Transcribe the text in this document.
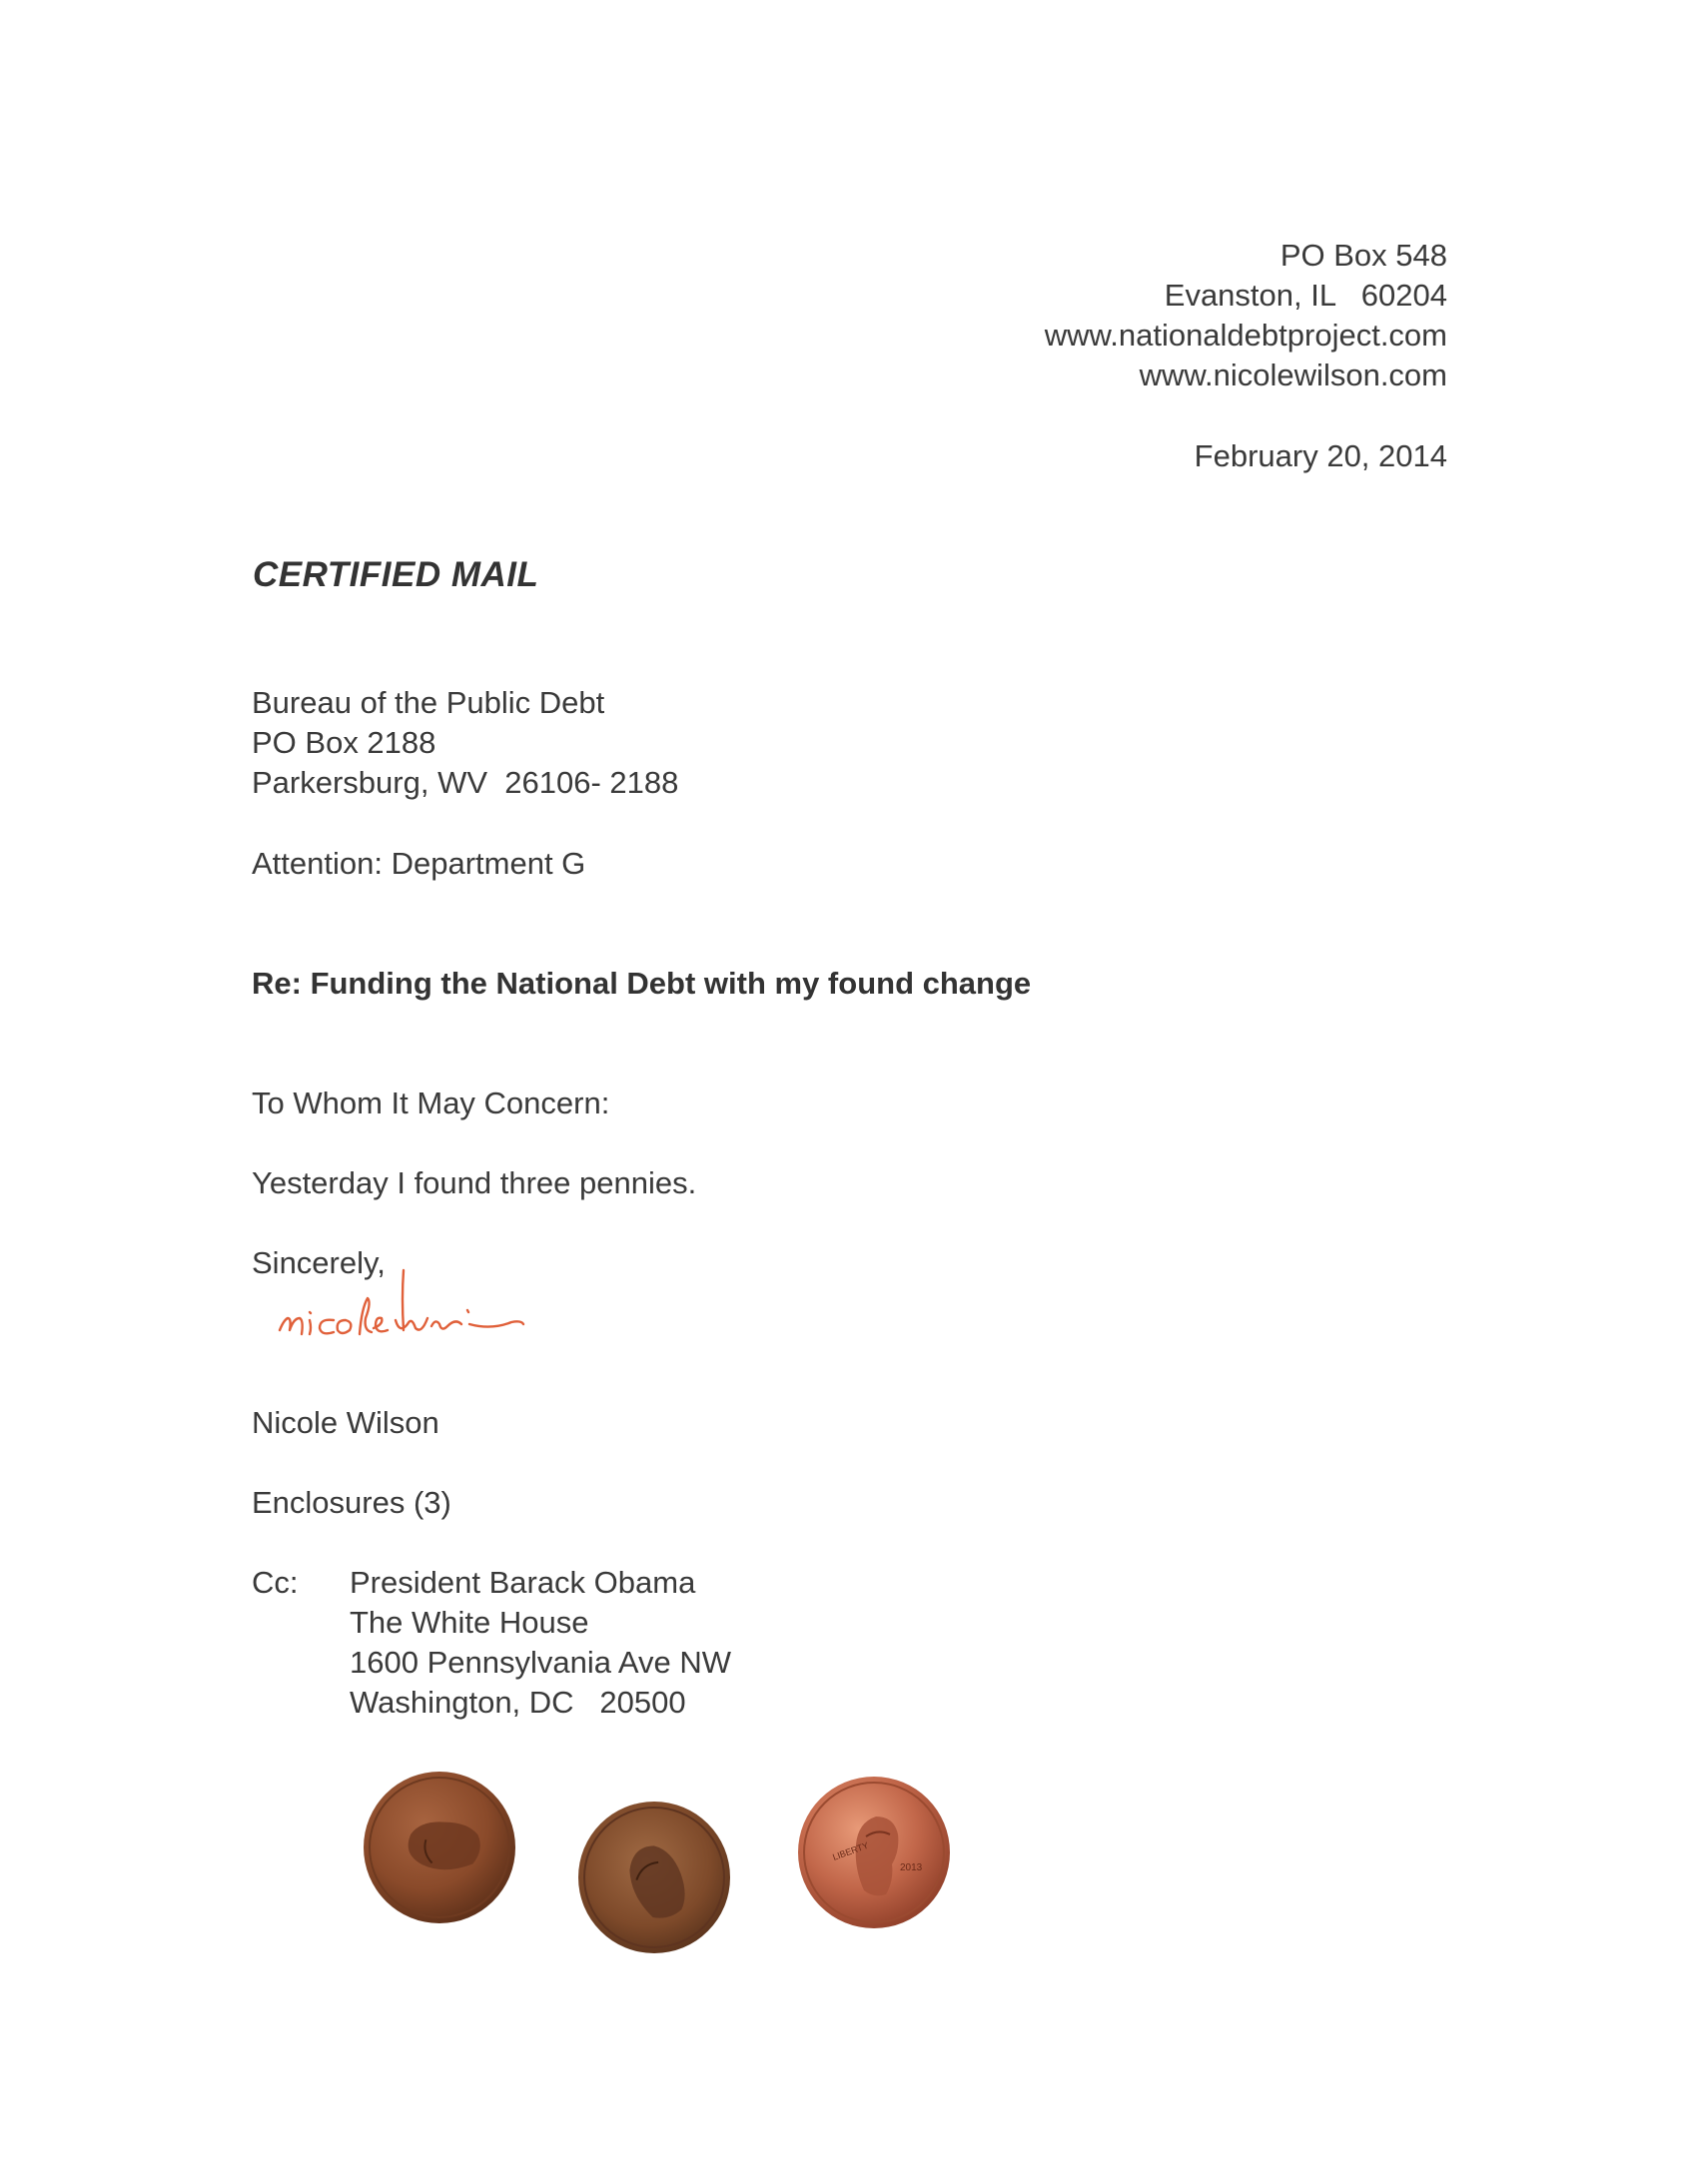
PO Box 548
Evanston, IL   60204
www.nationaldebtproject.com
www.nicolewilson.com
February 20, 2014
CERTIFIED MAIL
Bureau of the Public Debt
PO Box 2188
Parkersburg, WV  26106- 2188
Attention: Department G
Re: Funding the National Debt with my found change
To Whom It May Concern:
Yesterday I found three pennies.
Sincerely,
Nicole Wilson
Enclosures (3)
Cc: President Barack Obama
The White House
1600 Pennsylvania Ave NW
Washington, DC   20500
LIBERTY
2013
